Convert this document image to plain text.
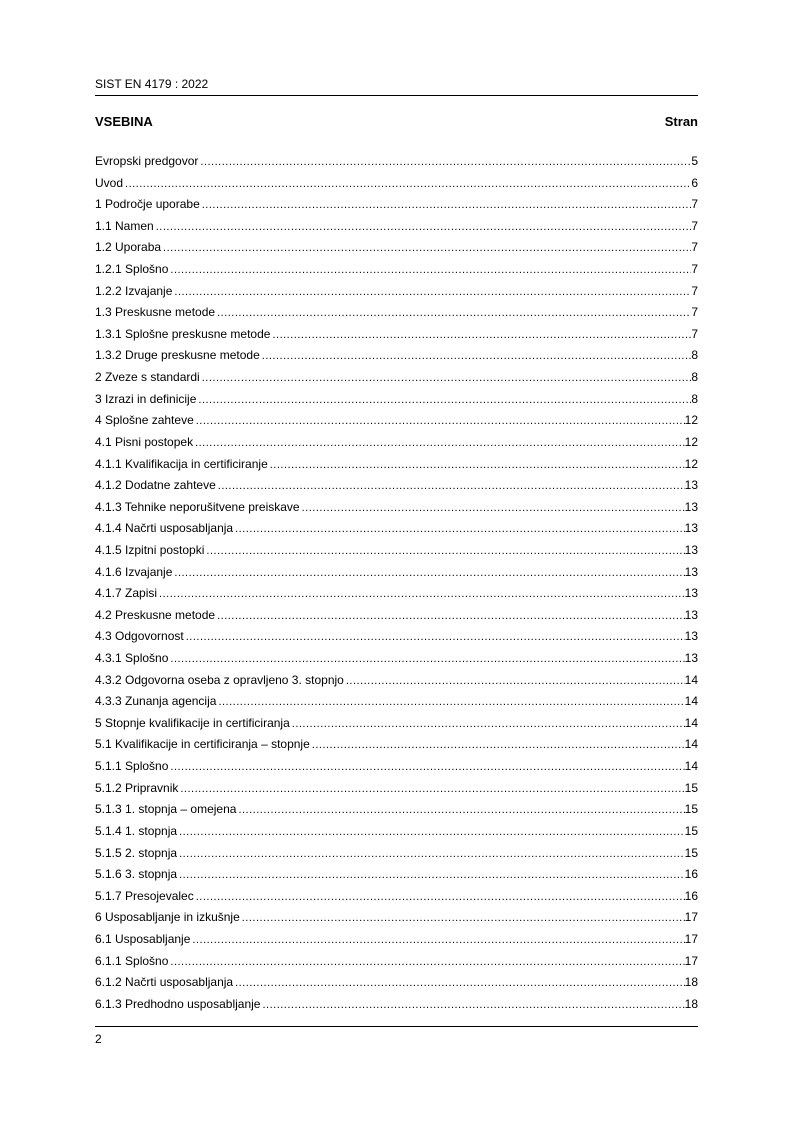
SIST EN 4179 : 2022
VSEBINA	Stran
Evropski predgovor .....	5
Uvod .....	6
1 Področje uporabe .....	7
1.1 Namen .....	7
1.2 Uporaba .....	7
1.2.1 Splošno .....	7
1.2.2 Izvajanje .....	7
1.3 Preskusne metode .....	7
1.3.1 Splošne preskusne metode .....	7
1.3.2 Druge preskusne metode .....	8
2 Zveze s standardi .....	8
3 Izrazi in definicije .....	8
4 Splošne zahteve .....	12
4.1 Pisni postopek .....	12
4.1.1 Kvalifikacija in certificiranje .....	12
4.1.2 Dodatne zahteve .....	13
4.1.3 Tehnike neporušitvene preiskave .....	13
4.1.4 Načrti usposabljanja .....	13
4.1.5 Izpitni postopki .....	13
4.1.6 Izvajanje .....	13
4.1.7 Zapisi .....	13
4.2 Preskusne metode .....	13
4.3 Odgovornost .....	13
4.3.1 Splošno .....	13
4.3.2 Odgovorna oseba z opravljeno 3. stopnjo .....	14
4.3.3 Zunanja agencija .....	14
5 Stopnje kvalifikacije in certificiranja .....	14
5.1 Kvalifikacije in certificiranja – stopnje .....	14
5.1.1 Splošno .....	14
5.1.2 Pripravnik .....	15
5.1.3 1. stopnja – omejena .....	15
5.1.4 1. stopnja .....	15
5.1.5 2. stopnja .....	15
5.1.6 3. stopnja .....	16
5.1.7 Presojevalec .....	16
6 Usposabljanje in izkušnje .....	17
6.1 Usposabljanje .....	17
6.1.1 Splošno .....	17
6.1.2 Načrti usposabljanja .....	18
6.1.3 Predhodno usposabljanje .....	18
2
